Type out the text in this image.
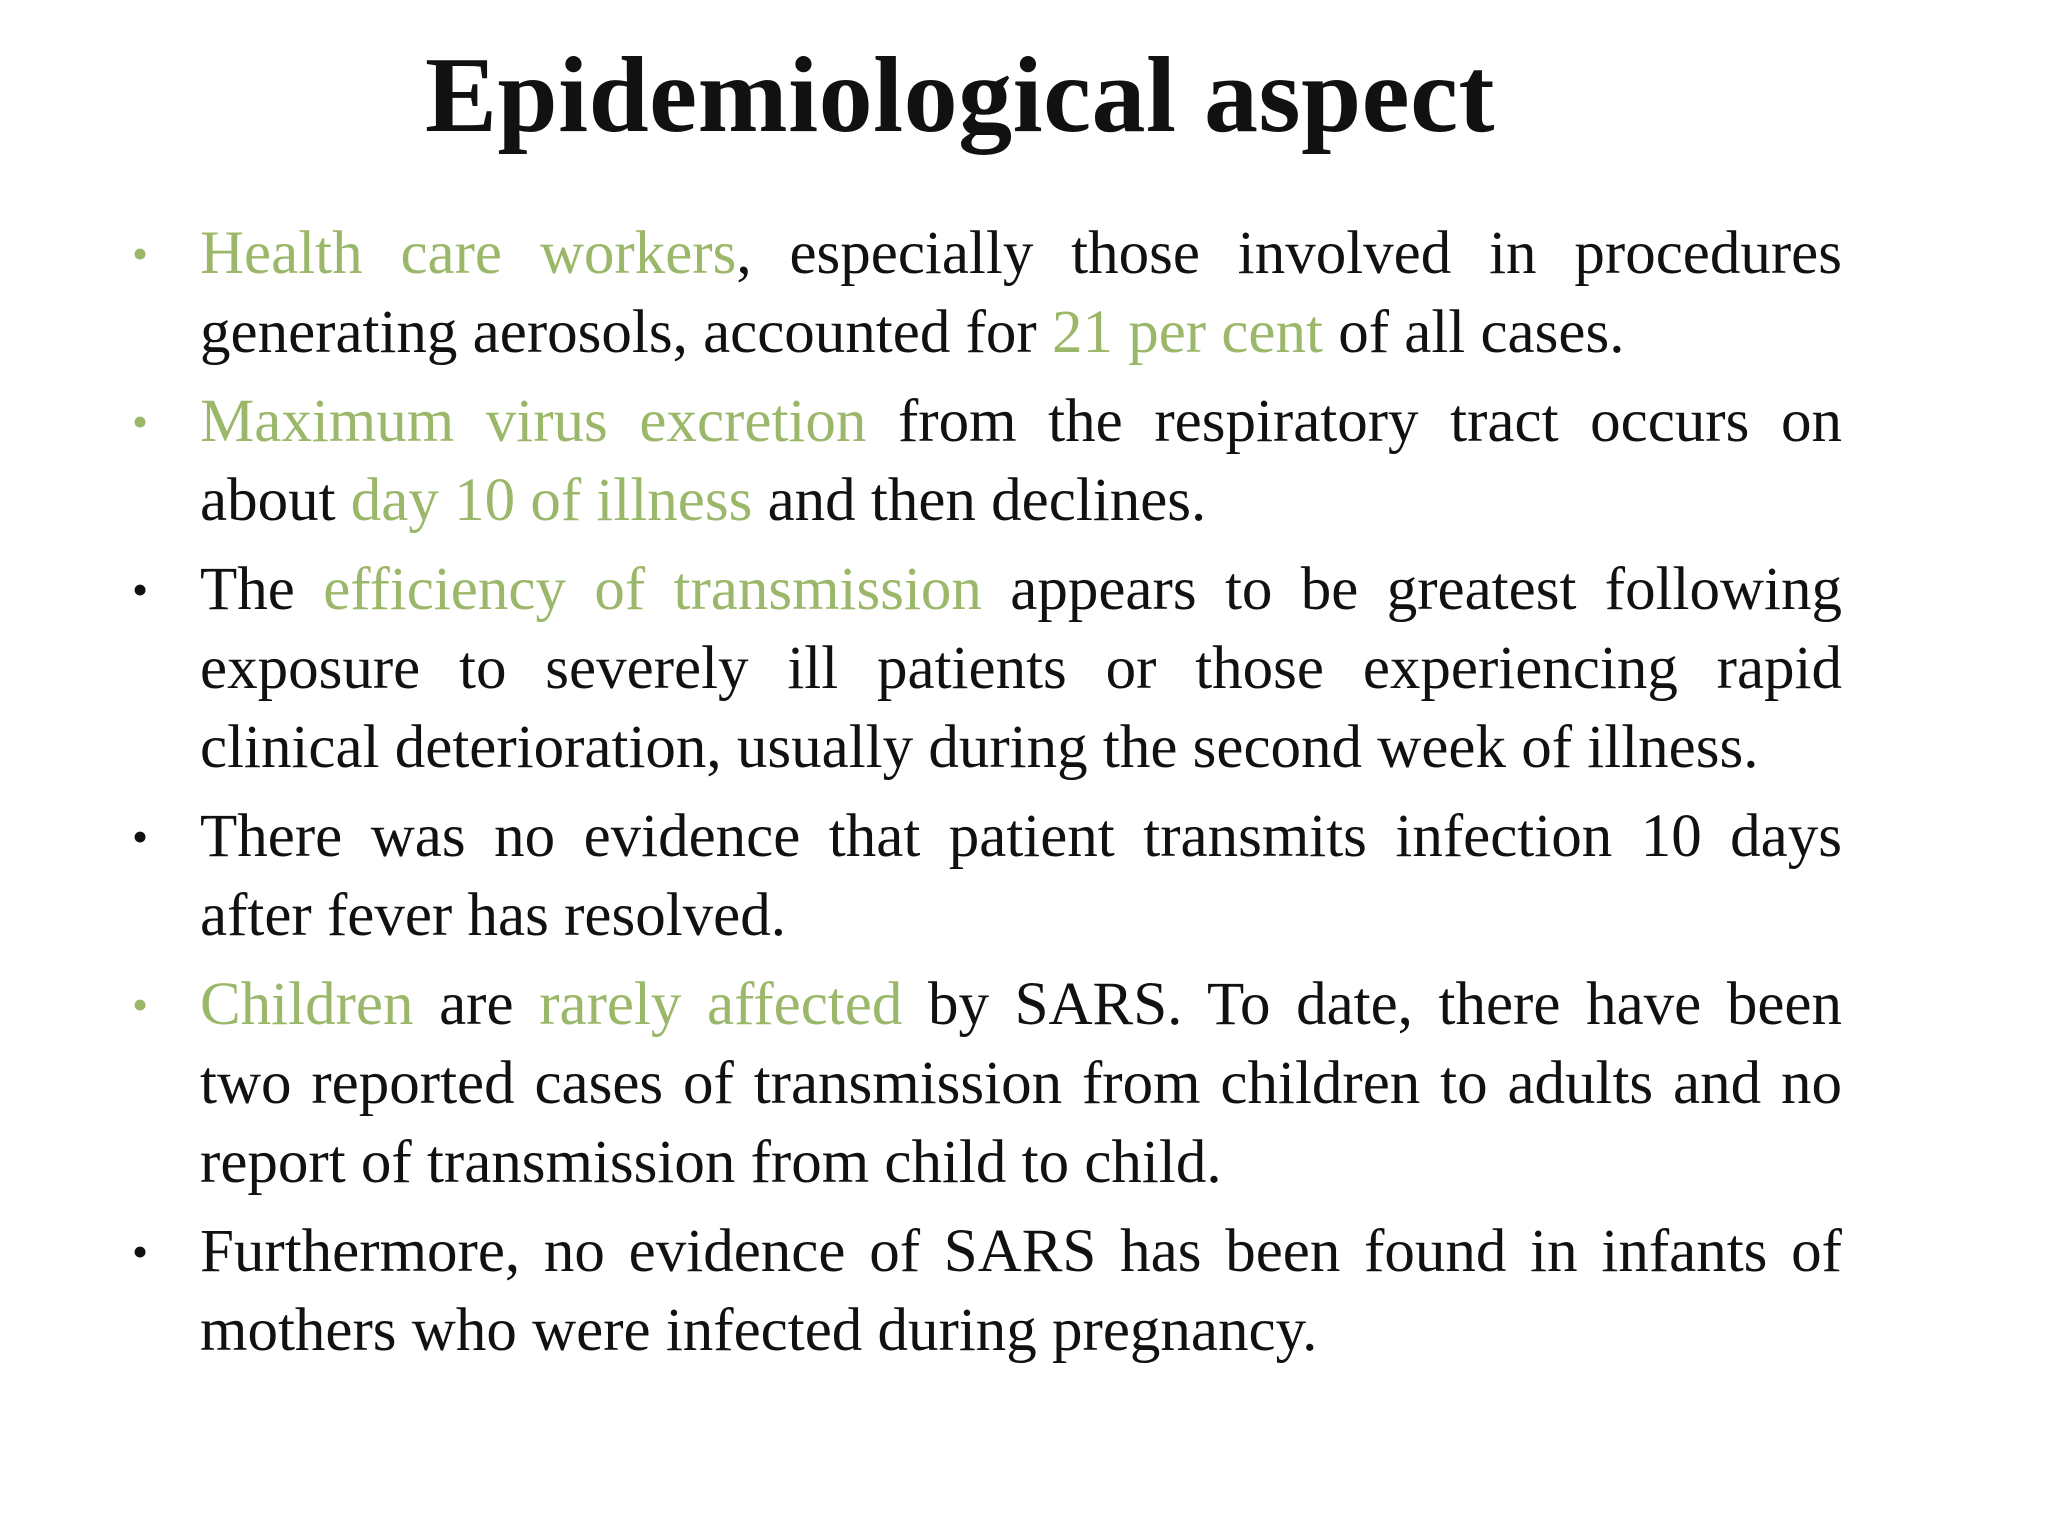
Epidemiological aspect
• Health care workers, especially those involved in procedures generating aerosols, accounted for 21 per cent of all cases.
• Maximum virus excretion from the respiratory tract occurs on about day 10 of illness and then declines.
• The efficiency of transmission appears to be greatest following exposure to severely ill patients or those experiencing rapid clinical deterioration, usually during the second week of illness.
• There was no evidence that patient transmits infection 10 days after fever has resolved.
• Children are rarely affected by SARS. To date, there have been two reported cases of transmission from children to adults and no report of transmission from child to child.
• Furthermore, no evidence of SARS has been found in infants of mothers who were infected during pregnancy.
